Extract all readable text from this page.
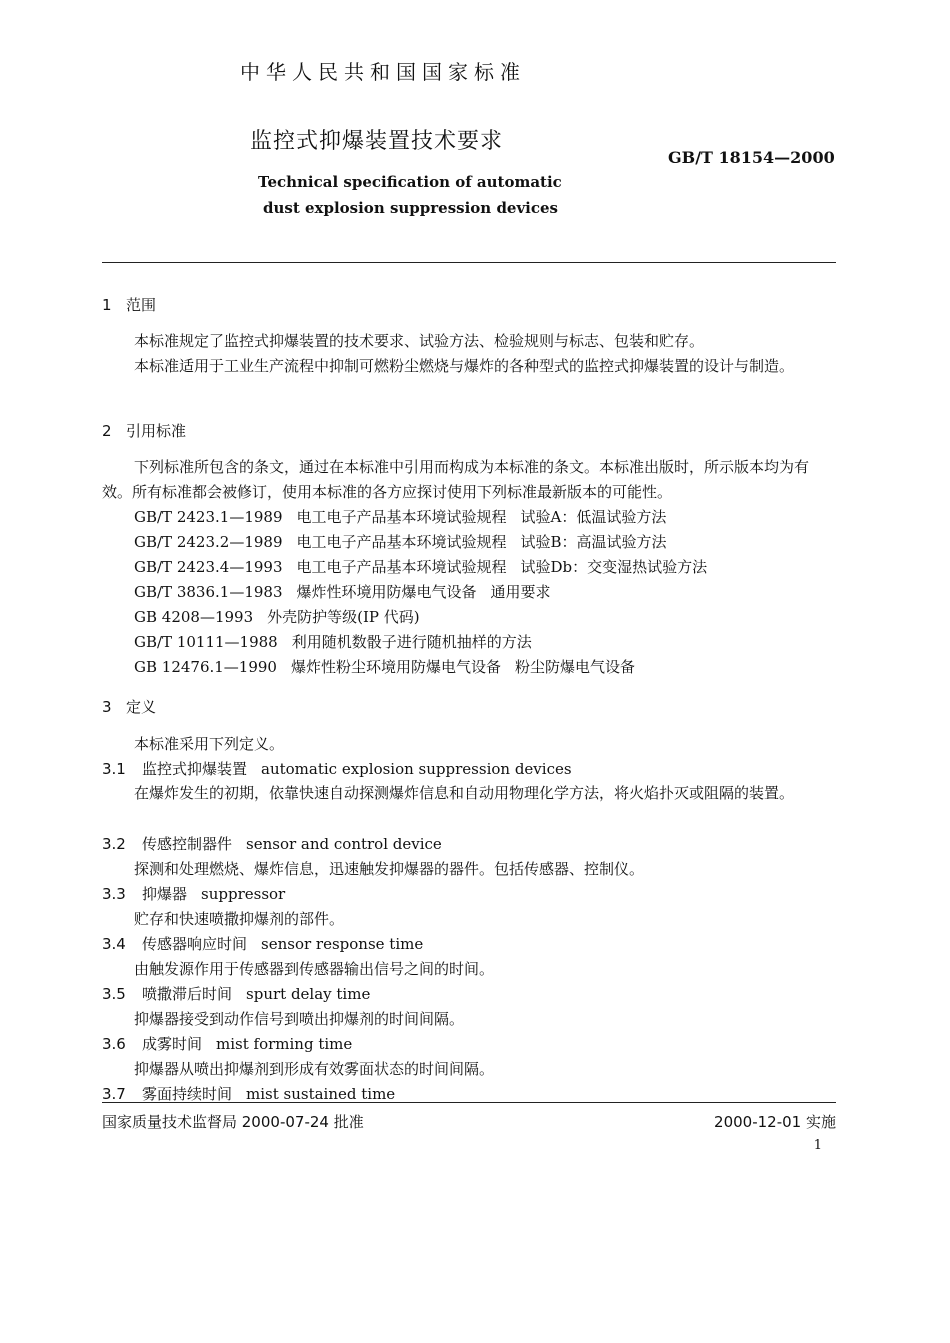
中华人民共和国国家标准
监控式抑爆装置技术要求
GB/T 18154—2000
Technical specification of automatic
dust explosion suppression devices
1 范围
本标准规定了监控式抑爆装置的技术要求、试验方法、检验规则与标志、包装和贮存。
本标准适用于工业生产流程中抑制可燃粉尘燃烧与爆炸的各种型式的监控式抑爆装置的设计与制造。
2 引用标准
下列标准所包含的条文，通过在本标准中引用而构成为本标准的条文。本标准出版时，所示版本均为有效。所有标准都会被修订，使用本标准的各方应探讨使用下列标准最新版本的可能性。
GB/T 2423.1—1989 电工电子产品基本环境试验规程 试验A：低温试验方法
GB/T 2423.2—1989 电工电子产品基本环境试验规程 试验B：高温试验方法
GB/T 2423.4—1993 电工电子产品基本环境试验规程 试验Db：交变湿热试验方法
GB/T 3836.1—1983 爆炸性环境用防爆电气设备 通用要求
GB 4208—1993 外壳防护等级(IP 代码)
GB/T 10111—1988 利用随机数骰子进行随机抽样的方法
GB 12476.1—1990 爆炸性粉尘环境用防爆电气设备 粉尘防爆电气设备
3 定义
本标准采用下列定义。
3.1 监控式抑爆装置 automatic explosion suppression devices
在爆炸发生的初期，依靠快速自动探测爆炸信息和自动用物理化学方法，将火焰扑灭或阻隔的装置。
3.2 传感控制器件 sensor and control device
探测和处理燃烧、爆炸信息，迅速触发抑爆器的器件。包括传感器、控制仪。
3.3 抑爆器 suppressor
贮存和快速喷撒抑爆剂的部件。
3.4 传感器响应时间 sensor response time
由触发源作用于传感器到传感器输出信号之间的时间。
3.5 喷撒滞后时间 spurt delay time
抑爆器接受到动作信号到喷出抑爆剂的时间间隔。
3.6 成雾时间 mist forming time
抑爆器从喷出抑爆剂到形成有效雾面状态的时间间隔。
3.7 雾面持续时间 mist sustained time
国家质量技术监督局 2000-07-24 批准	2000-12-01 实施
1
